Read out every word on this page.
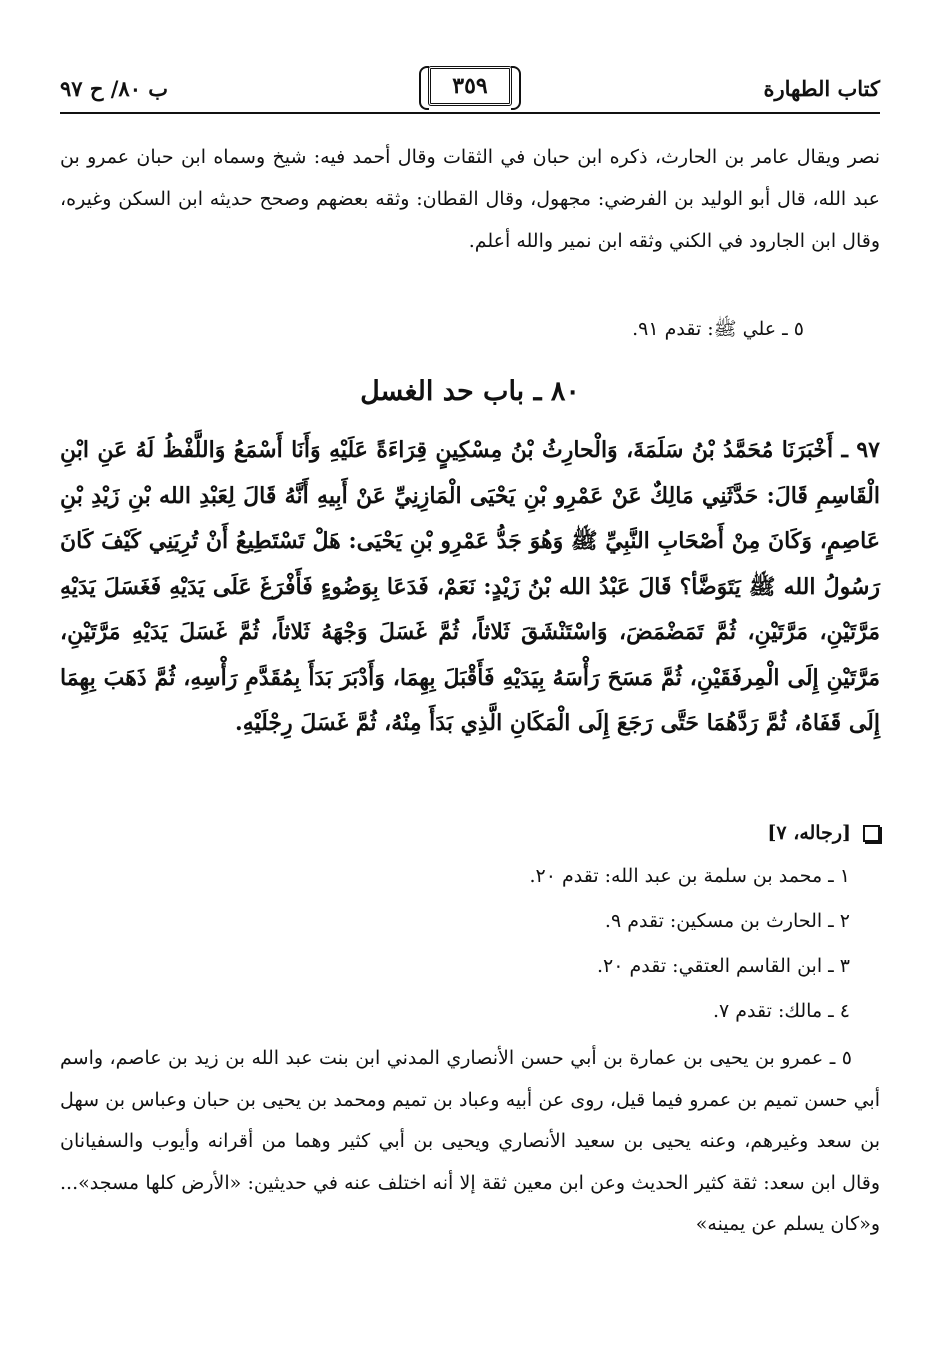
كتاب الطهارة
٣٥٩
ب ٨٠/ ح ٩٧

نصر ويقال عامر بن الحارث، ذكره ابن حبان في الثقات وقال أحمد فيه: شيخ وسماه ابن حبان عمرو بن عبد الله، قال أبو الوليد بن الفرضي: مجهول، وقال القطان: وثقه بعضهم وصحح حديثه ابن السكن وغيره، وقال ابن الجارود في الكني وثقه ابن نمير والله أعلم.

٥ ـ علي ﷺ: تقدم ٩١.

٨٠ ـ باب حد الغسل

٩٧ ـ أَخْبَرَنَا مُحَمَّدُ بْنُ سَلَمَةَ، وَالْحارِثُ بْنُ مِسْكِينٍ قِرَاءَةً عَلَيْهِ وَأَنَا أَسْمَعُ وَاللَّفْظُ لَهُ عَنِ ابْنِ الْقَاسِمِ قَالَ: حَدَّثَنِي مَالِكٌ عَنْ عَمْرِو بْنِ يَحْيَى الْمَازِنِيِّ عَنْ أَبِيهِ أَنَّهُ قَالَ لِعَبْدِ الله بْنِ زَيْدِ بْنِ عَاصِمٍ، وَكَانَ مِنْ أَصْحَابِ النَّبِيِّ ﷺ وَهُوَ جَدُّ عَمْرِو بْنِ يَحْيَى: هَلْ تَسْتَطِيعُ أَنْ تُرِيَنِي كَيْفَ كَانَ رَسُولُ الله ﷺ يَتَوَضَّأ؟ قَالَ عَبْدُ الله بْنُ زَيْدٍ: نَعَمْ، فَدَعَا بِوَضُوءٍ فَأَفْرَغَ عَلَى يَدَيْهِ فَغَسَلَ يَدَيْهِ مَرَّتَيْنِ، مَرَّتَيْنِ، ثُمَّ تَمَضْمَضَ، وَاسْتَنْشَقَ ثَلاثاً، ثُمَّ غَسَلَ وَجْهَهُ ثَلاثاً، ثُمَّ غَسَلَ يَدَيْهِ مَرَّتَيْنِ، مَرَّتَيْنِ إِلَى الْمِرفَقَيْنِ، ثُمَّ مَسَحَ رَأْسَهُ بِيَدَيْهِ فَأَقْبَلَ بِهِمَا، وَأَدْبَرَ بَدَأَ بِمُقَدَّمِ رَأْسِهِ، ثُمَّ ذَهَبَ بِهِمَا إِلَى قَفَاهُ، ثُمَّ رَدَّهُمَا حَتَّى رَجَعَ إِلَى الْمَكَانِ الَّذِي بَدَأَ مِنْهُ، ثُمَّ غَسَلَ رِجْلَيْهِ.

[رجاله، ٧]
١ ـ محمد بن سلمة بن عبد الله: تقدم ٢٠.
٢ ـ الحارث بن مسكين: تقدم ٩.
٣ ـ ابن القاسم العتقي: تقدم ٢٠.
٤ ـ مالك: تقدم ٧.

٥ ـ عمرو بن يحيى بن عمارة بن أبي حسن الأنصاري المدني ابن بنت عبد الله بن زيد بن عاصم، واسم أبي حسن تميم بن عمرو فيما قيل، روى عن أبيه وعباد بن تميم ومحمد بن يحيى بن حبان وعباس بن سهل بن سعد وغيرهم، وعنه يحيى بن سعيد الأنصاري ويحيى بن أبي كثير وهما من أقرانه وأيوب والسفيانان وقال ابن سعد: ثقة كثير الحديث وعن ابن معين ثقة إلا أنه اختلف عنه في حديثين: «الأرض كلها مسجد»... و«كان يسلم عن يمينه»
